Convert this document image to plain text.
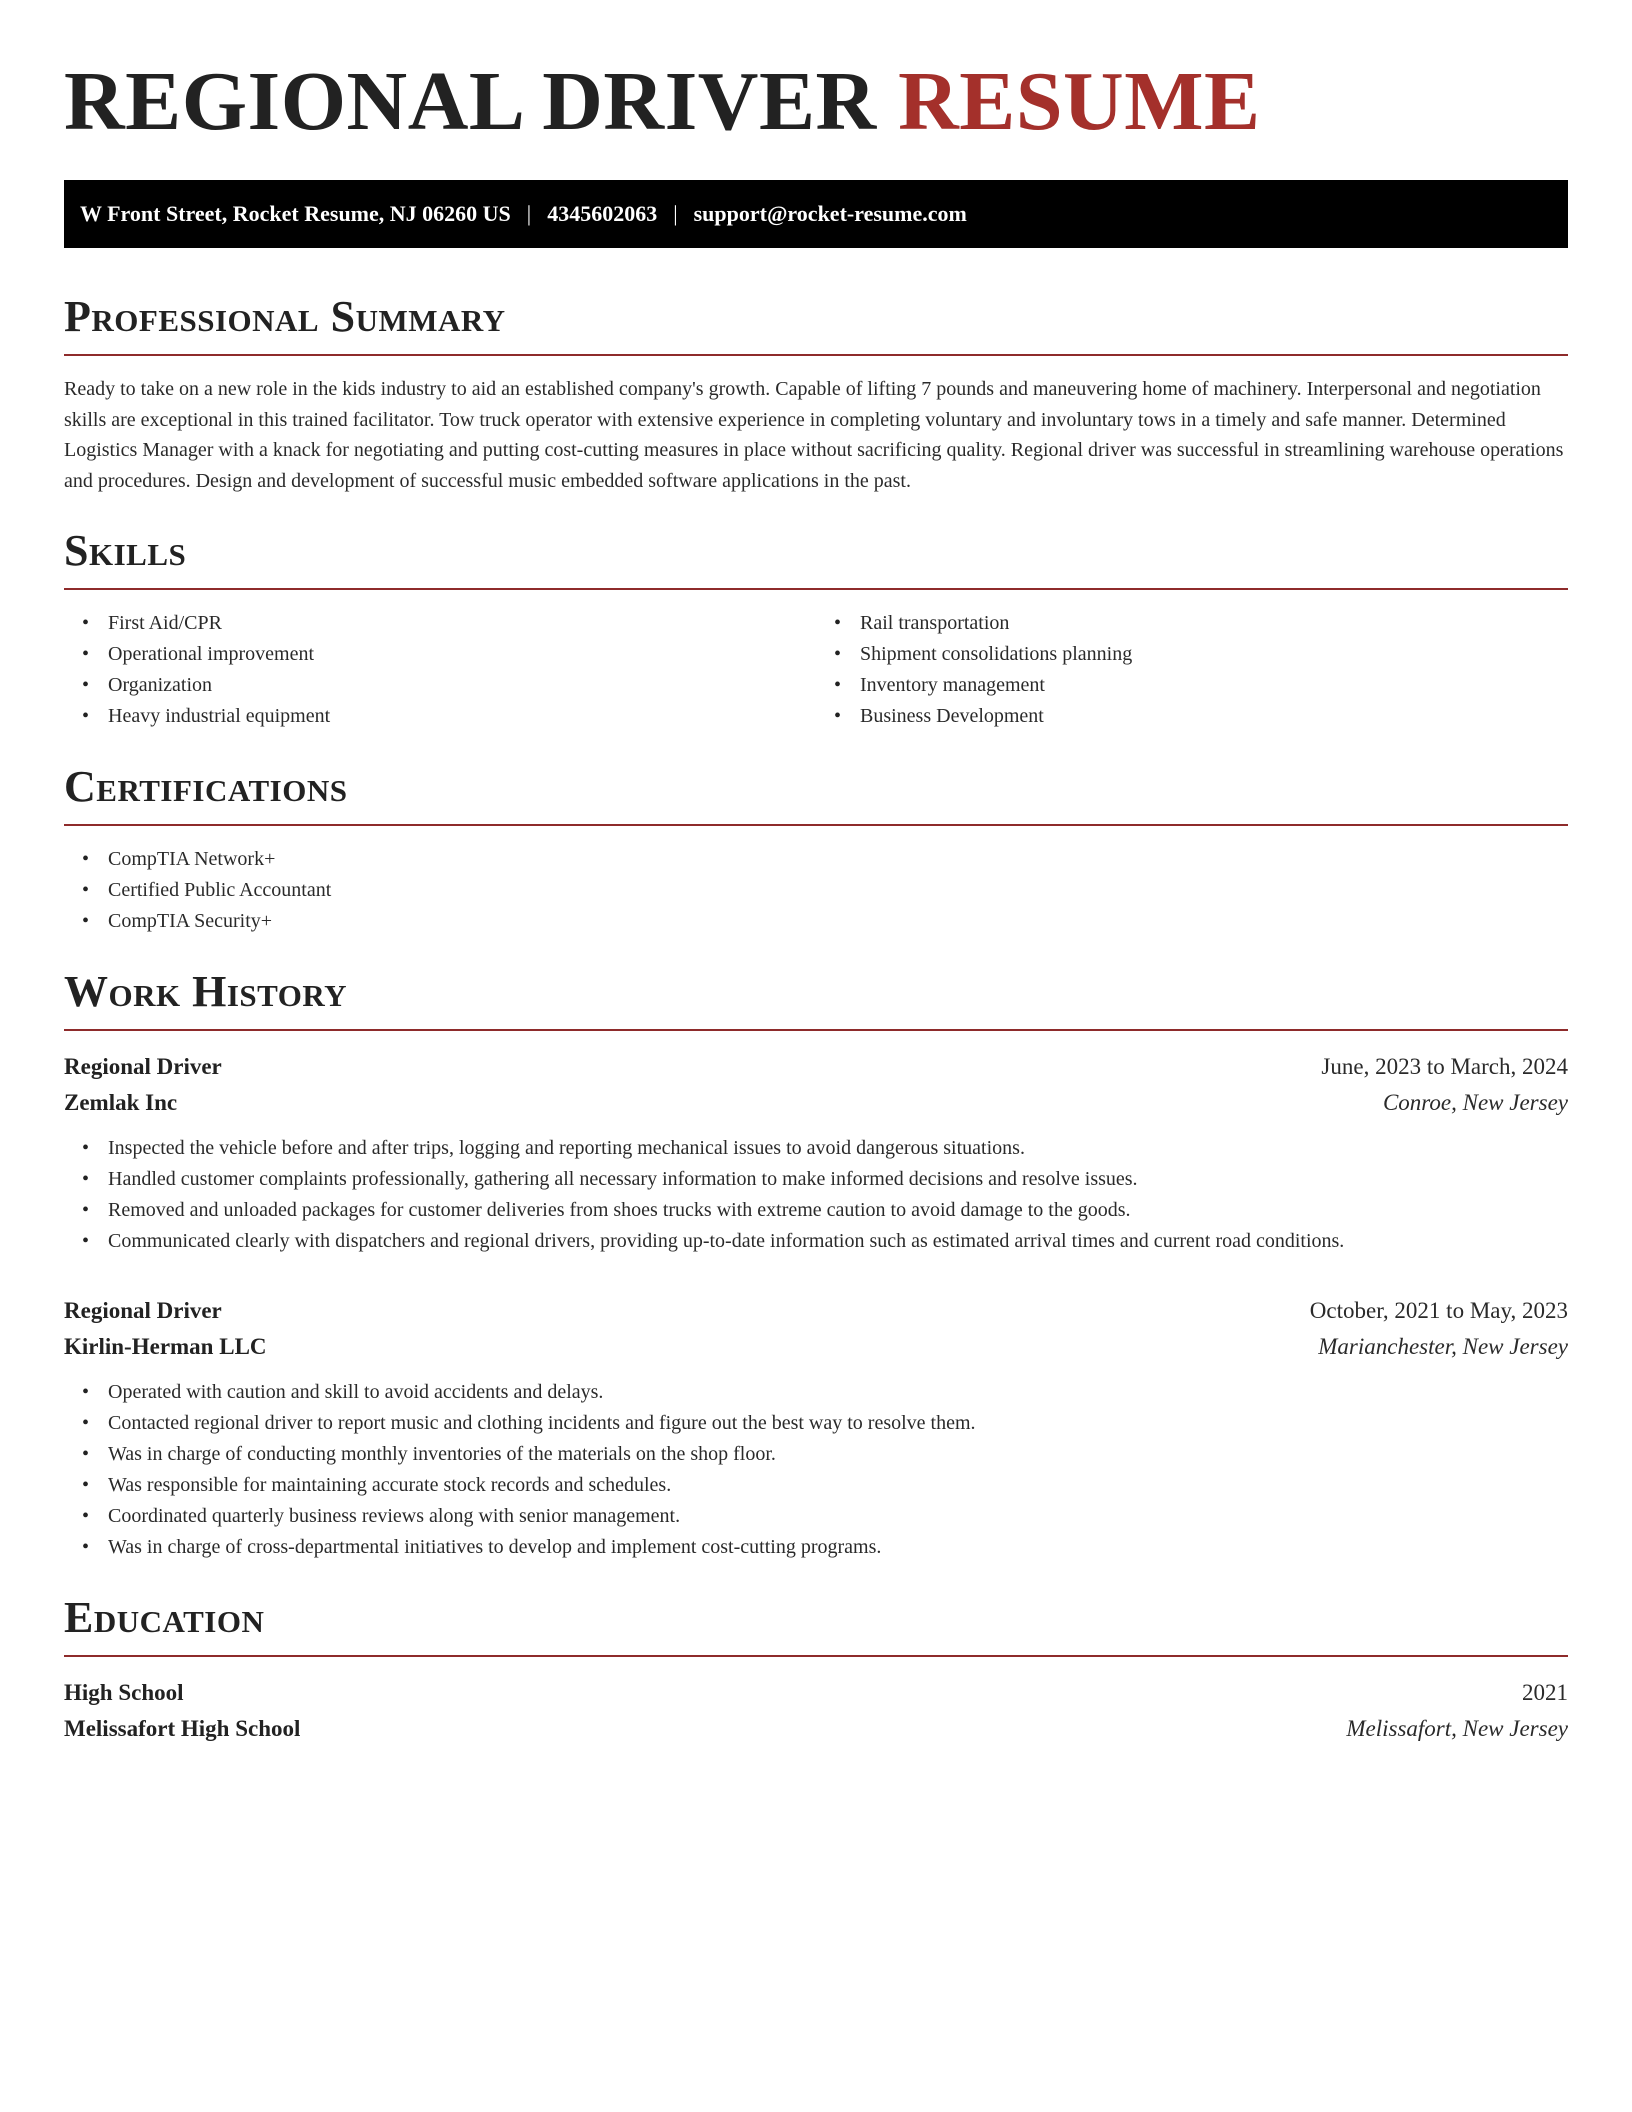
REGIONAL DRIVER RESUME
W Front Street, Rocket Resume, NJ 06260 US | 4345602063 | support@rocket-resume.com
Professional Summary

Ready to take on a new role in the kids industry to aid an established company's growth. Capable of lifting 7 pounds and maneuvering home of machinery. Interpersonal and negotiation skills are exceptional in this trained facilitator. Tow truck operator with extensive experience in completing voluntary and involuntary tows in a timely and safe manner. Determined Logistics Manager with a knack for negotiating and putting cost-cutting measures in place without sacrificing quality. Regional driver was successful in streamlining warehouse operations and procedures. Design and development of successful music embedded software applications in the past.

Skills
• First Aid/CPR
• Operational improvement
• Organization
• Heavy industrial equipment
• Rail transportation
• Shipment consolidations planning
• Inventory management
• Business Development
Certifications
• CompTIA Network+
• Certified Public Accountant
• CompTIA Security+
Work History
Regional Driver	June, 2023 to March, 2024
Zemlak Inc	Conroe, New Jersey
• Inspected the vehicle before and after trips, logging and reporting mechanical issues to avoid dangerous situations.
• Handled customer complaints professionally, gathering all necessary information to make informed decisions and resolve issues.
• Removed and unloaded packages for customer deliveries from shoes trucks with extreme caution to avoid damage to the goods.
• Communicated clearly with dispatchers and regional drivers, providing up-to-date information such as estimated arrival times and current road conditions.
Regional Driver	October, 2021 to May, 2023
Kirlin-Herman LLC	Marianchester, New Jersey
• Operated with caution and skill to avoid accidents and delays.
• Contacted regional driver to report music and clothing incidents and figure out the best way to resolve them.
• Was in charge of conducting monthly inventories of the materials on the shop floor.
• Was responsible for maintaining accurate stock records and schedules.
• Coordinated quarterly business reviews along with senior management.
• Was in charge of cross-departmental initiatives to develop and implement cost-cutting programs.
Education
High School	2021
Melissafort High School	Melissafort, New Jersey
